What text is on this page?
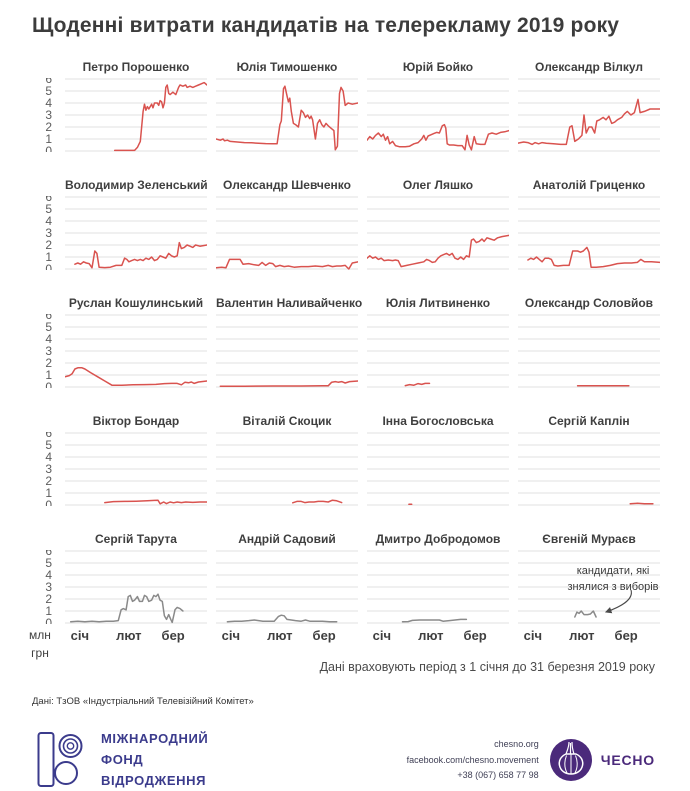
Щоденні витрати кандидатів на телерекламу 2019 року
6
5
4
3
2
1
0
Петро Порошенко	Юлія Тимошенко	Юрій Бойко	Олександр Вілкул
6
5
4
3
2
1
0
Володимир Зеленський	Олександр Шевченко	Олег Ляшко	Анатолій Гриценко
6
5
4
3
2
1
0
Руслан Кошулинський	Валентин Наливайченко	Юлія Литвиненко	Олександр Соловйов
6
5
4
3
2
1
0
Віктор Бондар	Віталій Скоцик	Інна Богословська	Сергій Каплін
6
5
4
3
2
1
0
млн
грн
Сергій Тарута
січ лют бер
Андрій Садовий
січ лют бер
Дмитро Добродомов
січ лют бер
Євгеній Мураєв
січ лют бер
кандидати, які
знялися з виборів
Дані враховують період з 1 січня до 31 березня 2019 року
Дані: ТзОВ «Індустріальний Телевізійний Комітет»
МІЖНАРОДНИЙ
ФОНД
ВІДРОДЖЕННЯ
chesno.org
facebook.com/chesno.movement
+38 (067) 658 77 98
ЧЕСНО
